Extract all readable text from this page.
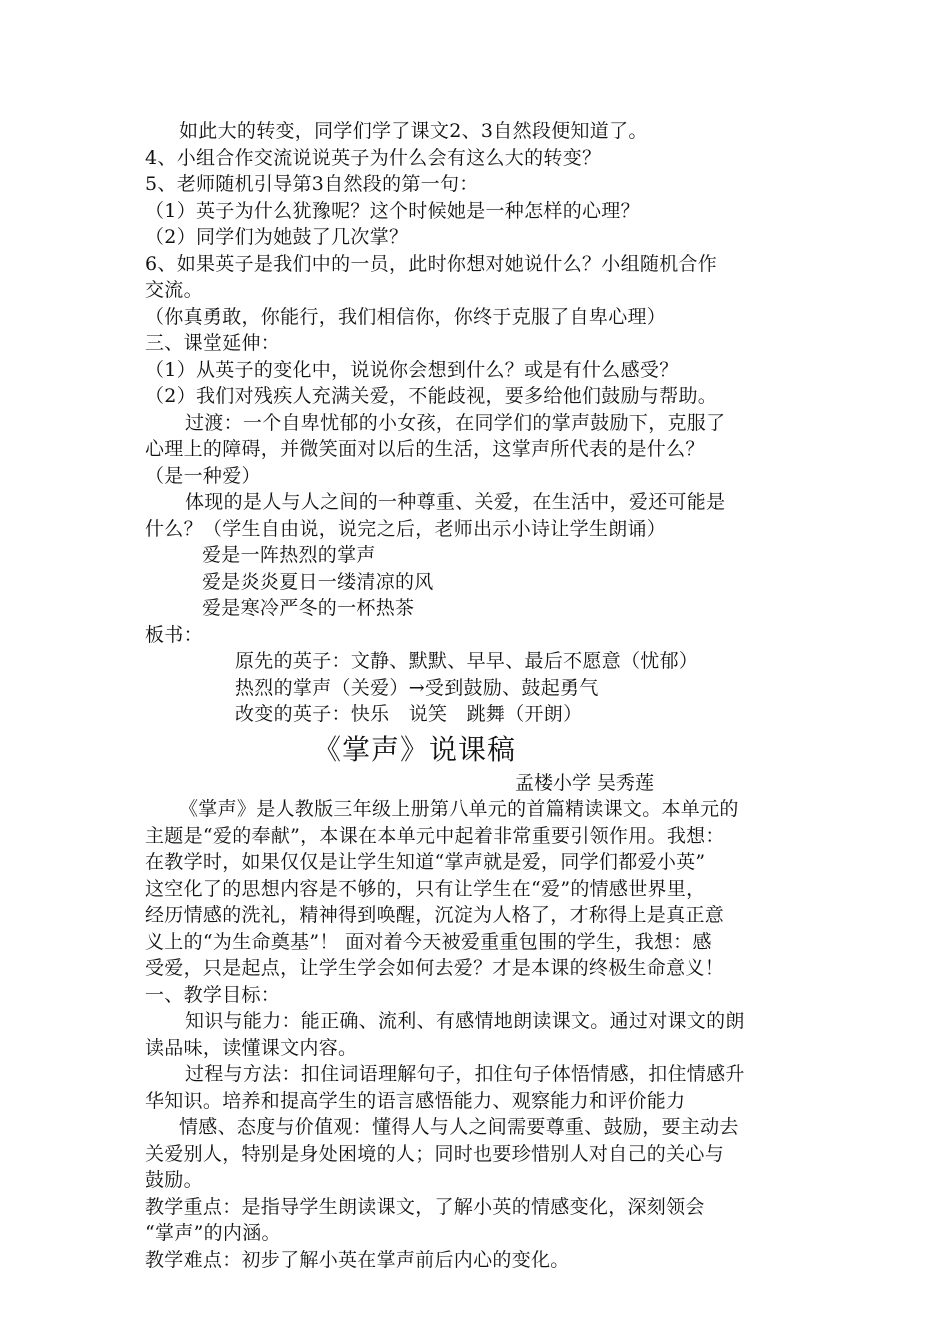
如此大的转变，同学们学了课文2、3自然段便知道了。
4、小组合作交流说说英子为什么会有这么大的转变？
5、老师随机引导第3自然段的第一句：
（1）英子为什么犹豫呢？这个时候她是一种怎样的心理？
（2）同学们为她鼓了几次掌？
6、如果英子是我们中的一员，此时你想对她说什么？小组随机合作
交流。
（你真勇敢，你能行，我们相信你，你终于克服了自卑心理）
三、课堂延伸：
（1）从英子的变化中，说说你会想到什么？或是有什么感受？
（2）我们对残疾人充满关爱，不能歧视，要多给他们鼓励与帮助。
过渡：一个自卑忧郁的小女孩，在同学们的掌声鼓励下，克服了
心理上的障碍，并微笑面对以后的生活，这掌声所代表的是什么？
（是一种爱）
体现的是人与人之间的一种尊重、关爱，在生活中，爱还可能是
什么？（学生自由说，说完之后，老师出示小诗让学生朗诵）
爱是一阵热烈的掌声
爱是炎炎夏日一缕清凉的风
爱是寒冷严冬的一杯热茶
板书：
原先的英子：文静、默默、早早、最后不愿意（忧郁）
热烈的掌声（关爱）→受到鼓励、鼓起勇气
改变的英子：快乐　说笑　跳舞（开朗）
《掌声》说课稿
孟楼小学 吴秀莲
《掌声》是人教版三年级上册第八单元的首篇精读课文。本单元的
主题是“爱的奉献”，本课在本单元中起着非常重要引领作用。我想：
在教学时，如果仅仅是让学生知道“掌声就是爱，同学们都爱小英”
这空化了的思想内容是不够的，只有让学生在“爱”的情感世界里，
经历情感的洗礼，精神得到唤醒，沉淀为人格了，才称得上是真正意
义上的“为生命奠基”！ 面对着今天被爱重重包围的学生，我想：感
受爱，只是起点，让学生学会如何去爱？才是本课的终极生命意义！
一、教学目标：
知识与能力：能正确、流利、有感情地朗读课文。通过对课文的朗
读品味，读懂课文内容。
过程与方法：扣住词语理解句子，扣住句子体悟情感，扣住情感升
华知识。培养和提高学生的语言感悟能力、观察能力和评价能力
情感、态度与价值观：懂得人与人之间需要尊重、鼓励，要主动去
关爱别人，特别是身处困境的人；同时也要珍惜别人对自己的关心与
鼓励。
教学重点：是指导学生朗读课文，了解小英的情感变化，深刻领会
“掌声”的内涵。
教学难点：初步了解小英在掌声前后内心的变化。
